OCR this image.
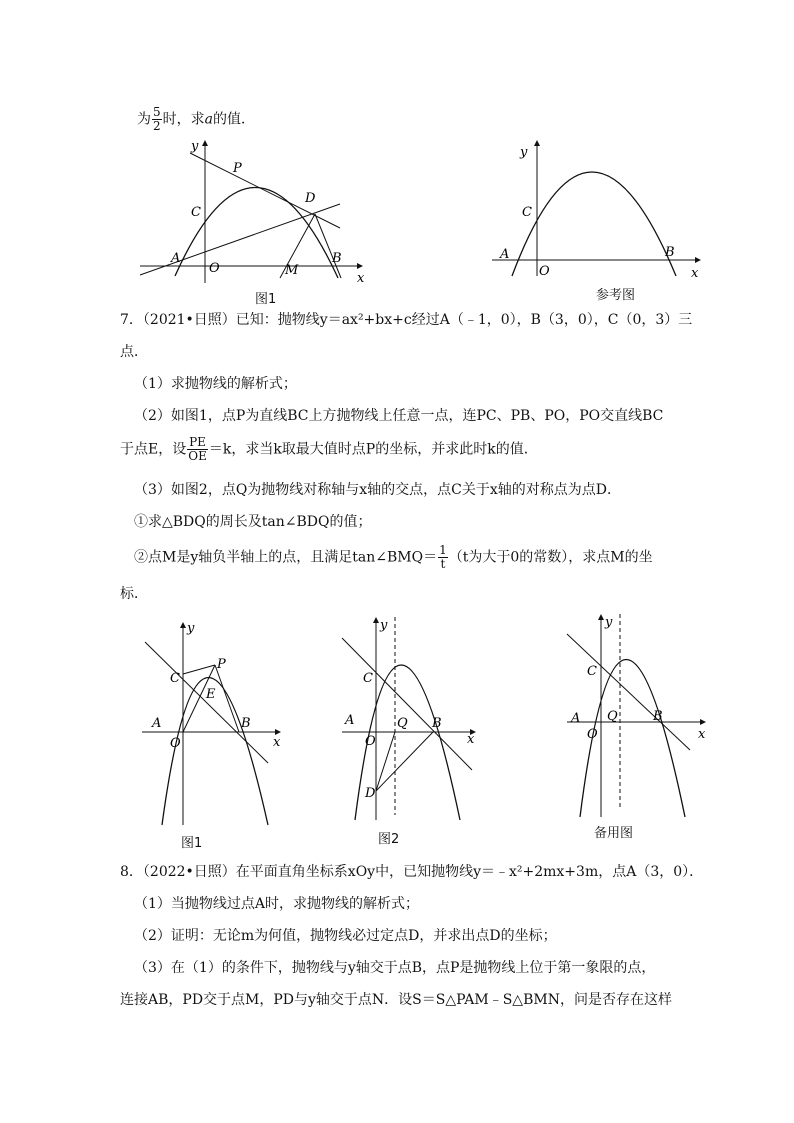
为 $\frac{5}{2}$ 时，求a的值．
y
x
P
C
D
A
O	M
B
图1
y
x
C
A
O
B
参考图
7．（2021•日照）已知：抛物线y＝ax²+bx+c经过A（﹣1，0），B（3，0），C（0，3）三
点．
（1）求抛物线的解析式；
（2）如图1，点P为直线BC上方抛物线上任意一点，连PC、PB、PO，PO交直线BC
于点E，设 $\frac{PE}{OE} =k$，求当k取最大值时点P的坐标，并求此时k的值．
（3）如图2，点Q为抛物线对称轴与x轴的交点，点C关于x轴的对称点为点D．
①求△BDQ的周长及tan∠BDQ的值；
②点M是y轴负半轴上的点，且满足tan∠BMQ＝ $\frac{1}{t} (t$为大于0的常数），求点M的坐
标．
y
x
C
P
E
A
O
B
图1
y
x
C
A
O
Q B
D
图2
y
x
C
A
O
Q	B
备用图
8．（2022•日照）在平面直角坐标系xOy中，已知抛物线y＝﹣x²+2mx+3m，点A（3，0）．
（1）当抛物线过点A时，求抛物线的解析式；
（2）证明：无论m为何值，抛物线必过定点D，并求出点D的坐标；
（3）在（1）的条件下，抛物线与y轴交于点B，点P是抛物线上位于第一象限的点，
连接AB，PD交于点M，PD与y轴交于点N．设S＝S△PAM﹣S△BMN，问是否存在这样
